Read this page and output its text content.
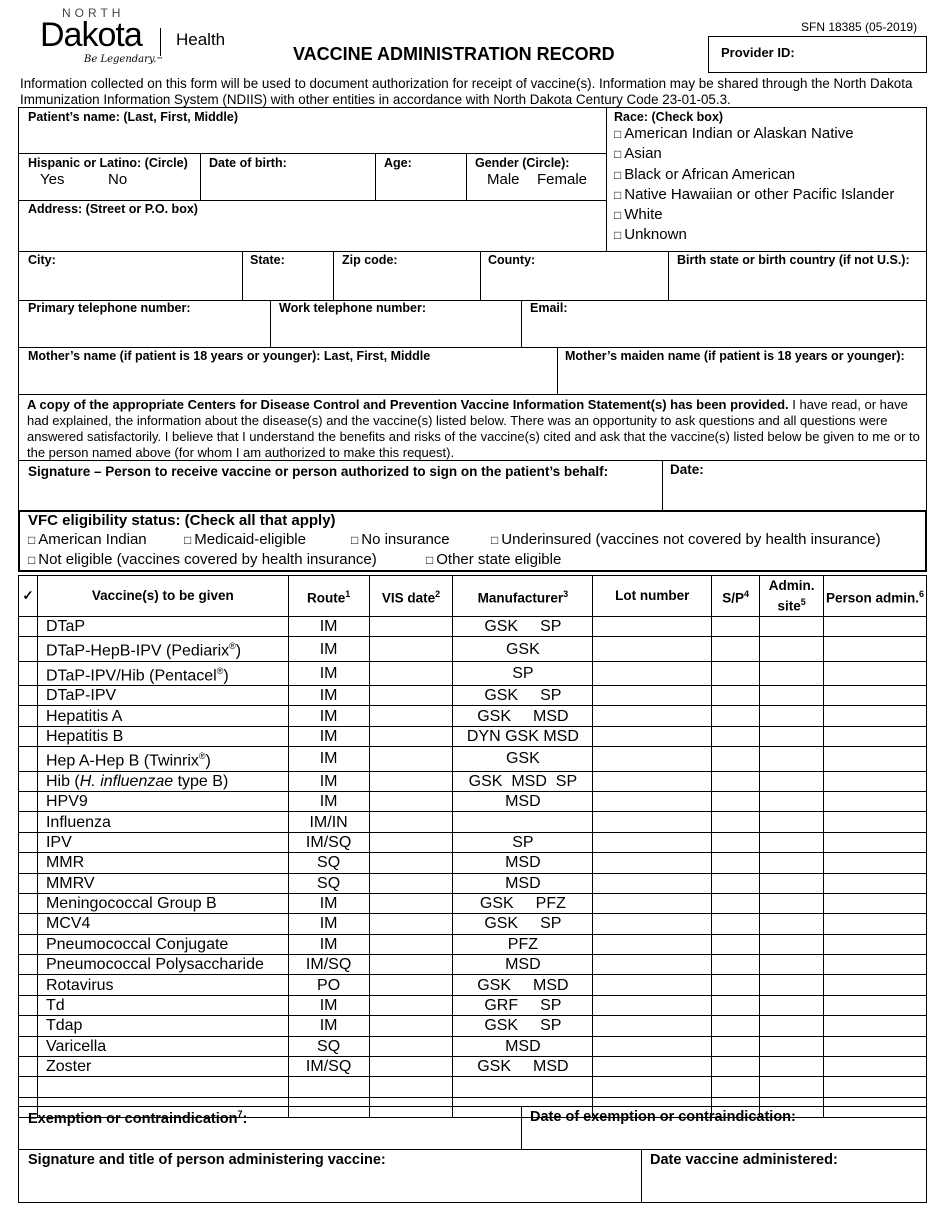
NORTH
Dakota
Be Legendary.™
Health
SFN 18385 (05-2019)
VACCINE ADMINISTRATION RECORD	Provider ID:
Information collected on this form will be used to document authorization for receipt of vaccine(s). Information may be shared through the North Dakota Immunization Information System (NDIIS) with other entities in accordance with North Dakota Century Code 23-01-05.3.
Patient’s name: (Last, First, Middle)
Hispanic or Latino: (Circle)
Yes	No
Date of birth:	Age:	Gender (Circle):
Male Female
Address: (Street or P.O. box)
Race: (Check box)
□ American Indian or Alaskan Native
□ Asian
□ Black or African American
□ Native Hawaiian or other Pacific Islander
□ White
□ Unknown
City:	State:	Zip code:	County:	Birth state or birth country (if not U.S.):
Primary telephone number:	Work telephone number:	Email:
Mother’s name (if patient is 18 years or younger): Last, First, Middle	Mother’s maiden name (if patient is 18 years or younger):
A copy of the appropriate Centers for Disease Control and Prevention Vaccine Information Statement(s) has been provided. I have read, or have had explained, the information about the disease(s) and the vaccine(s) listed below. There was an opportunity to ask questions and all questions were answered satisfactorily. I believe that I understand the benefits and risks of the vaccine(s) cited and ask that the vaccine(s) listed below be given to me or to the person named above (for whom I am authorized to make this request).
Signature – Person to receive vaccine or person authorized to sign on the patient’s behalf:	Date:
VFC eligibility status: (Check all that apply)
□ American Indian	□ Medicaid-eligible	□ No insurance	□ Underinsured (vaccines not covered by health insurance)
□ Not eligible (vaccines covered by health insurance)	□ Other state eligible
✓	Vaccine(s) to be given	Route$^1$	VIS date$^2$	Manufacturer$^3$	Lot number	$S/P^4$	Admin. site$^5$	Person admin.$^6$
	DTaP	IM		GSK SP				

	DTaP-HepB-IPV (Pediarix®)	IM		GSK				

	DTaP-IPV/Hib (Pentacel®)	IM		SP				

	DTaP-IPV	IM		GSK SP				

	Hepatitis A	IM		GSK MSD				

	Hepatitis B	IM		DYN GSK MSD				

	Hep A-Hep B (Twinrix®)	IM		GSK				

	Hib (H. influenzae type B)	IM		GSK  MSD  SP				

	HPV9	IM		MSD				

	Influenza	IM/IN		

	IPV	IM/SQ		SP				

	MMR	SQ		MSD				

	MMRV	SQ		MSD				

	Meningococcal Group B	IM		GSK PFZ				

	MCV4	IM		GSK SP				

	Pneumococcal Conjugate	IM		PFZ				

	Pneumococcal Polysaccharide	IM/SQ		MSD				

	Rotavirus	PO		GSK MSD				

	Td	IM		GRF SP				

	Tdap	IM		GSK SP				

	Varicella	SQ		MSD				

	Zoster	IM/SQ		GSK MSD				

Exemption or contraindication$^7$:	Date of exemption or contraindication:
Signature and title of person administering vaccine:	Date vaccine administered:
